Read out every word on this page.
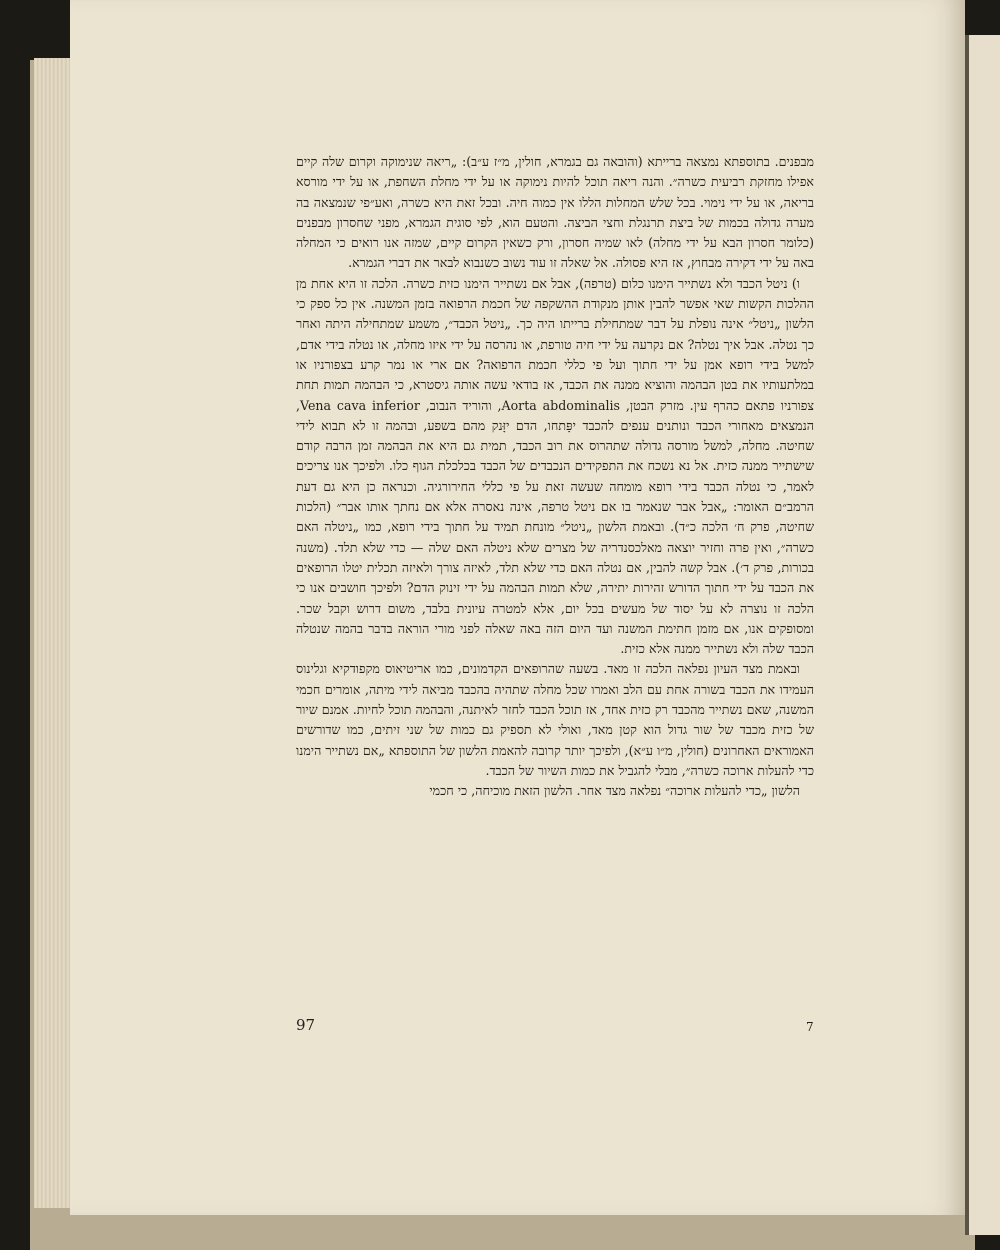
מבפנים. בתוספתא נמצאה ברייתא (והובאה גם בגמרא, חולין, מ״ז ע״ב): „ריאה שנימוקה וקרום שלה קיים אפילו מחזקת רביעית כשרה״. והנה ריאה תוכל להיות נימוקה או על ידי מחלת השחפת, או על ידי מורסא בריאה, או על ידי נימוי. בכל שלש המחלות הללו אין כמוה חיה. ובכל זאת היא כשרה, ואע״פי שנמצאה בה מערה גדולה בכמות של ביצת תרנגלת וחצי הביצה. והטעם הוא, לפי סוגית הגמרא, מפני שחסרון מבפנים (כלומר חסרון הבא על ידי מחלה) לאו שמיה חסרון, ורק כשאין הקרום קיים, שמזה אנו רואים כי המחלה באה על ידי דקירה מבחוץ, אז היא פסולה. אל שאלה זו עוד נשוב כשנבוא לבאר את דברי הגמרא.

ו) ניטל הכבד ולא נשתייר הימנו כלום (טרפה), אבל אם נשתייר הימנו כזית כשרה. הלכה זו היא אחת מן ההלכות הקשות שאי אפשר להבין אותן מנקודת ההשקפה של חכמת הרפואה בזמן המשנה. אין כל ספק כי הלשון „ניטל״ אינה נופלת על דבר שמתחילת ברייתו היה כך. „ניטל הכבד״, משמע שמתחילה היתה ואחר כך נטלה. אבל איך נטלה? אם נקרעה על ידי חיה טורפת, או נהרסה על ידי איזו מחלה, או נטלה בידי אדם, למשל בידי רופא אמן על ידי חתוך ועל פי כללי חכמת הרפואה? אם ארי או נמר קרע בצפורניו או במלתעותיו את בטן הבהמה והוציא ממנה את הכבד, אז בודאי עשה אותה גיסטרא, כי הבהמה תמות תחת צפורניו פתאם כהרף עין. מזרק הבטן, Aorta abdominalis, והוריד הנבוב, Vena cava inferior, הנמצאים מאחורי הכבד ונותנים ענפים להכבד יפָּתחו, הדם יזָּנק מהם בשפע, ובהמה זו לא תבוא לידי שחיטה. מחלה, למשל מורסה גדולה שתהרוס את רוב הכבד, תמית גם היא את הבהמה זמן הרבה קודם שישתייר ממנה כזית. אל נא נשכח את התפקידים הנכבדים של הכבד בכלכלת הגוף כלו. ולפיכך אנו צריכים לאמר, כי נטלה הכבד בידי רופא מומחה שעשה זאת על פי כללי החירורגיה. וכנראה כן היא גם דעת הרמב״ם האומר: „אבל אבר שנאמר בו אם ניטל טרפה, אינה נאסרה אלא אם נחתך אותו אבר״ (הלכות שחיטה, פרק ח׳ הלכה כ״ד). ובאמת הלשון „ניטל״ מונחת תמיד על חתוך בידי רופא, כמו „ניטלה האם כשרה״, ואין פרה וחזיר יוצאה מאלכסנדריה של מצרים שלא ניטלה האם שלה — כדי שלא תלד. (משנה בכורות, פרק ד׳). אבל קשה להבין, אם נטלה האם כדי שלא תלד, לאיזה צורך ולאיזה תכלית יטלו הרופאים את הכבד על ידי חתוך הדורש זהירות יתירה, שלא תמות הבהמה על ידי זינוק הדם? ולפיכך חושבים אנו כי הלכה זו נוצרה לא על יסוד של מעשים בכל יום, אלא למטרה עיונית בלבד, משום דרוש וקבל שכר. ומסופקים אנו, אם מזמן חתימת המשנה ועד היום הזה באה שאלה לפני מורי הוראה בדבר בהמה שנטלה הכבד שלה ולא נשתייר ממנה אלא כזית.

ובאמת מצד העיון נפלאה הלכה זו מאד. בשעה שהרופאים הקדמונים, כמו אריטיאוס מקפודקיא וגלינוס העמידו את הכבד בשורה אחת עם הלב ואמרו שכל מחלה שתהיה בהכבד מביאה לידי מיתה, אומרים חכמי המשנה, שאם נשתייר מהכבד רק כזית אחד, אז תוכל הכבד לחזר לאיתנה, והבהמה תוכל לחיות. אמנם שיור של כזית מכבד של שור גדול הוא קטן מאד, ואולי לא תספיק גם כמות של שני זיתים, כמו שדורשים האמוראים האחרונים (חולין, מ״ו ע״א), ולפיכך יותר קרובה להאמת הלשון של התוספתא „אם נשתייר הימנו כדי להעלות ארוכה כשרה״, מבלי להגביל את כמות השיור של הכבד.

הלשון „כדי להעלות ארוכה״ נפלאה מצד אחר. הלשון הזאת מוכיחה, כי חכמי

97	7
